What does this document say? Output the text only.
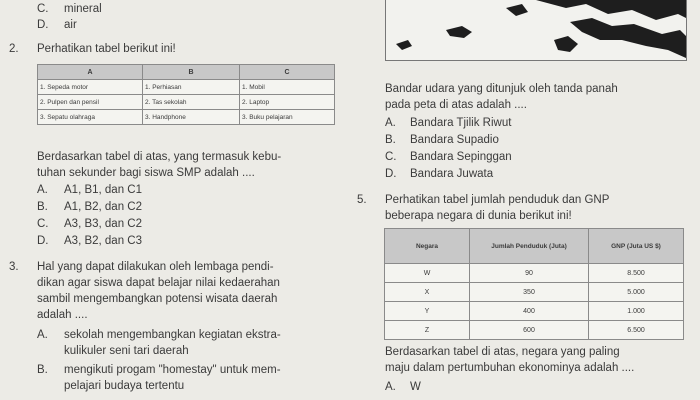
C. mineral
D. air
2. Perhatikan tabel berikut ini!
A	B	C
1. Sepeda motor	1. Perhiasan	1. Mobil
2. Pulpen dan pensil	2. Tas sekolah	2. Laptop
3. Sepatu olahraga	3. Handphone	3. Buku pelajaran
Berdasarkan tabel di atas, yang termasuk kebu-
tuhan sekunder bagi siswa SMP adalah ....
A. A1, B1, dan C1
B. A1, B2, dan C2
C. A3, B3, dan C2
D. A3, B2, dan C3
3. Hal yang dapat dilakukan oleh lembaga pendi-
dikan agar siswa dapat belajar nilai kedaerahan
sambil mengembangkan potensi wisata daerah
adalah ....
A. sekolah mengembangkan kegiatan ekstra-
kulikuler seni tari daerah
B. mengikuti progam "homestay" untuk mem-
pelajari budaya tertentu
Bandar udara yang ditunjuk oleh tanda panah
pada peta di atas adalah ....
A. Bandara Tjilik Riwut
B. Bandara Supadio
C. Bandara Sepinggan
D. Bandara Juwata
5. Perhatikan tabel jumlah penduduk dan GNP
beberapa negara di dunia berikut ini!
Negara	Jumlah Penduduk (Juta)	GNP (Juta US $)
W	90	8.500
X	350	5.000
Y	400	1.000
Z	600	6.500
Berdasarkan tabel di atas, negara yang paling
maju dalam pertumbuhan ekonominya adalah ....
A. W
